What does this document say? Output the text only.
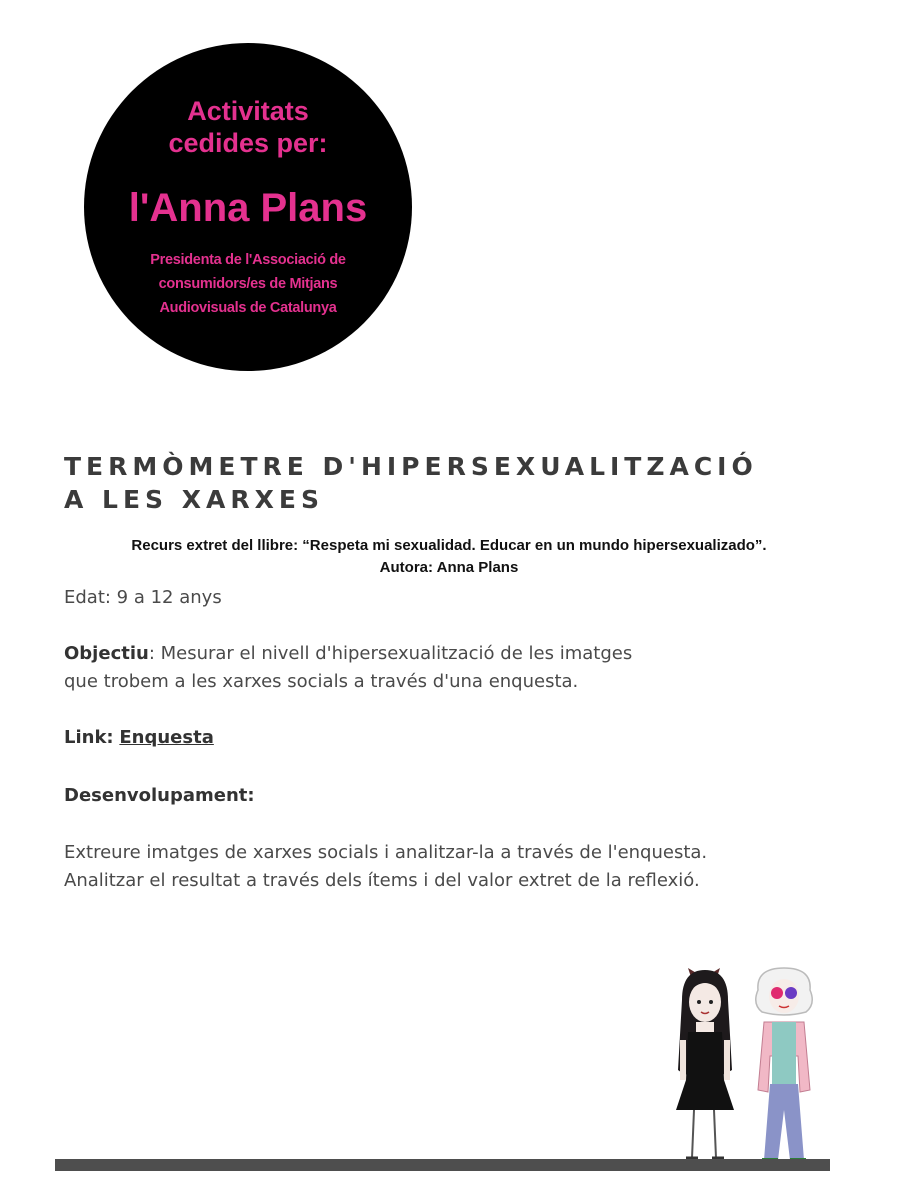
Activitats
cedides per:
l'Anna Plans
Presidenta de l'Associació de consumidors/es de Mitjans Audiovisuals de Catalunya
TERMÒMETRE D'HIPERSEXUALITZACIÓ
A LES XARXES
Recurs extret del llibre: “Respeta mi sexualidad. Educar en un mundo hipersexualizado”.
Autora: Anna Plans
Edat: 9 a 12 anys
Objectiu: Mesurar el nivell d'hipersexualització de les imatges que trobem a les xarxes socials a través d'una enquesta.
Link: Enquesta
Desenvolupament:
Extreure imatges de xarxes socials i analitzar-la a través de l'enquesta.
Analitzar el resultat a través dels ítems i del valor extret de la reflexió.
